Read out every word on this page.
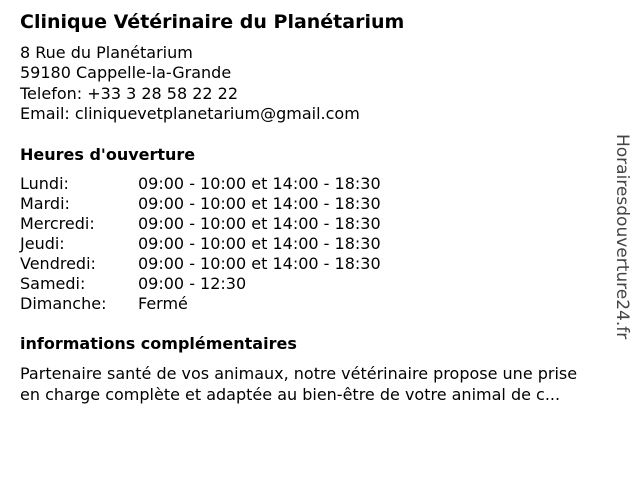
Clinique Vétérinaire du Planétarium
8 Rue du Planétarium
59180 Cappelle-la-Grande
Telefon: +33 3 28 58 22 22
Email: cliniquevetplanetarium@gmail.com
Heures d'ouverture
Lundi:	09:00 - 10:00 et 14:00 - 18:30
Mardi:	09:00 - 10:00 et 14:00 - 18:30
Mercredi:	09:00 - 10:00 et 14:00 - 18:30
Jeudi:	09:00 - 10:00 et 14:00 - 18:30
Vendredi:	09:00 - 10:00 et 14:00 - 18:30
Samedi:	09:00 - 12:30
Dimanche:	Fermé
informations complémentaires
Partenaire santé de vos animaux, notre vétérinaire propose une prise
en charge complète et adaptée au bien-être de votre animal de c...
Horairesdouverture24.fr
